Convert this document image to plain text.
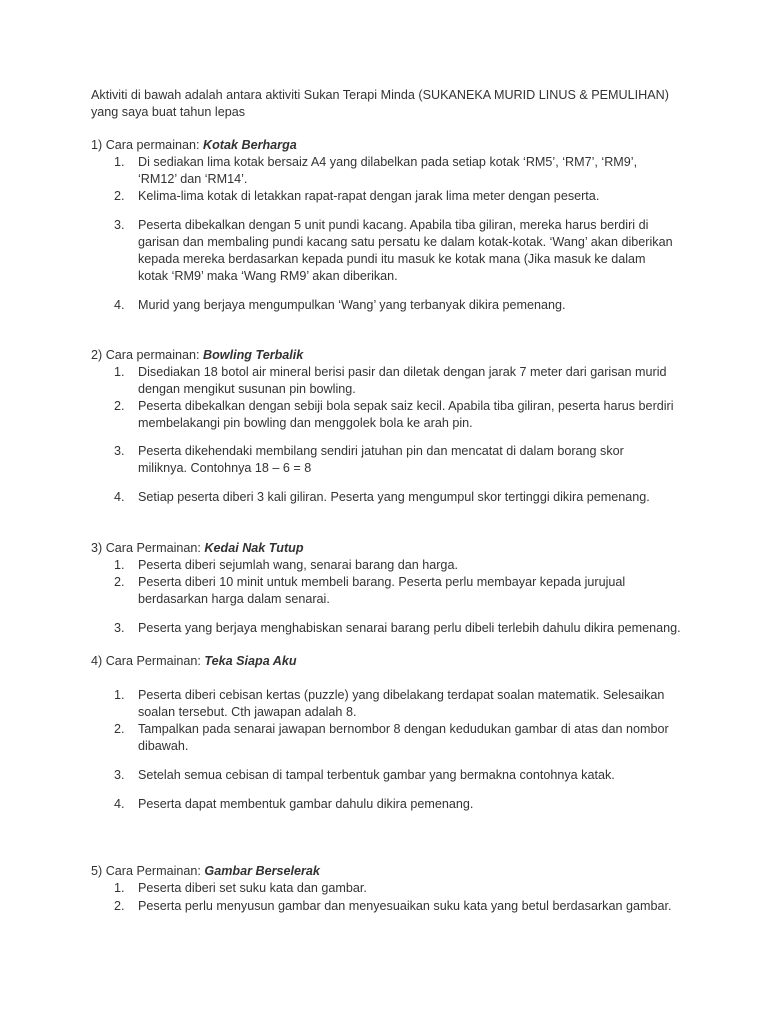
Aktiviti di bawah adalah antara aktiviti Sukan Terapi Minda (SUKANEKA MURID LINUS & PEMULIHAN) yang saya buat tahun lepas
1) Cara permainan: Kotak Berharga
1.	Di sediakan lima kotak bersaiz A4 yang dilabelkan pada setiap kotak ‘RM5’, ‘RM7’, ‘RM9’, ‘RM12’ dan ‘RM14’.
2.	Kelima-lima kotak di letakkan rapat-rapat dengan jarak lima meter dengan peserta.
3.	Peserta dibekalkan dengan 5 unit pundi kacang. Apabila tiba giliran, mereka harus berdiri di garisan dan membaling pundi kacang satu persatu ke dalam kotak-kotak. ‘Wang’ akan diberikan kepada mereka berdasarkan kepada pundi itu masuk ke kotak mana (Jika masuk ke dalam kotak ‘RM9’ maka ‘Wang RM9’ akan diberikan.
4.	Murid yang berjaya mengumpulkan ‘Wang’ yang terbanyak dikira pemenang.
2) Cara permainan: Bowling Terbalik
1.	Disediakan 18 botol air mineral berisi pasir dan diletak dengan jarak 7 meter dari garisan murid dengan mengikut susunan pin bowling.
2.	Peserta dibekalkan dengan sebiji bola sepak saiz kecil. Apabila tiba giliran, peserta harus berdiri membelakangi pin bowling dan menggolek bola ke arah pin.
3.	Peserta dikehendaki membilang sendiri jatuhan pin dan mencatat di dalam borang skor miliknya. Contohnya 18 – 6 = 8
4.	Setiap peserta diberi 3 kali giliran. Peserta yang mengumpul skor tertinggi dikira pemenang.
3) Cara Permainan: Kedai Nak Tutup
1.	Peserta diberi sejumlah wang, senarai barang dan harga.
2.	Peserta diberi 10 minit untuk membeli barang. Peserta perlu membayar kepada jurujual berdasarkan harga dalam senarai.
3.	Peserta yang berjaya menghabiskan senarai barang perlu dibeli terlebih dahulu dikira pemenang.
4) Cara Permainan: Teka Siapa Aku
1.	Peserta diberi cebisan kertas (puzzle) yang dibelakang terdapat soalan matematik. Selesaikan soalan tersebut. Cth jawapan adalah 8.
2.	Tampalkan pada senarai jawapan bernombor 8 dengan kedudukan gambar di atas dan nombor dibawah.
3.	Setelah semua cebisan di tampal terbentuk gambar yang bermakna contohnya katak.
4.	Peserta dapat membentuk gambar dahulu dikira pemenang.
5) Cara Permainan: Gambar Berselerak
1.	Peserta diberi set suku kata dan gambar.
2.	Peserta perlu menyusun gambar dan menyesuaikan suku kata yang betul berdasarkan gambar.
